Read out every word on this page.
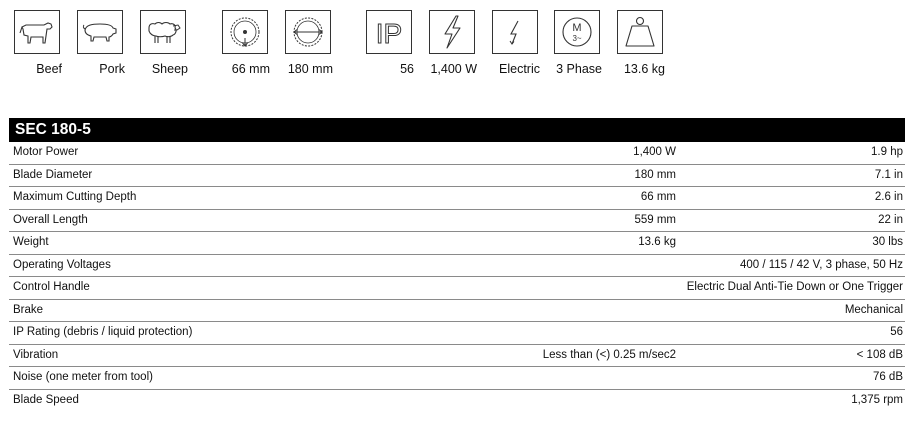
Beef	Pork	Sheep	66 mm	180 mm
IP
56 1,400 W	Electric
M
3~
3 Phase	13.6 kg
SEC 180-5
Motor Power	1,400 W	1.9 hp
Blade Diameter	180 mm	7.1 in
Maximum Cutting Depth	66 mm	2.6 in
Overall Length	559 mm	22 in
Weight	13.6 kg	30 lbs
Operating Voltages	400 / 115 / 42 V, 3 phase, 50 Hz
Control Handle	Electric Dual Anti-Tie Down or One Trigger
Brake	Mechanical
IP Rating (debris / liquid protection)	56
Vibration	Less than (<) 0.25 m/sec2	< 108 dB
Noise (one meter from tool)	76 dB
Blade Speed	1,375 rpm
